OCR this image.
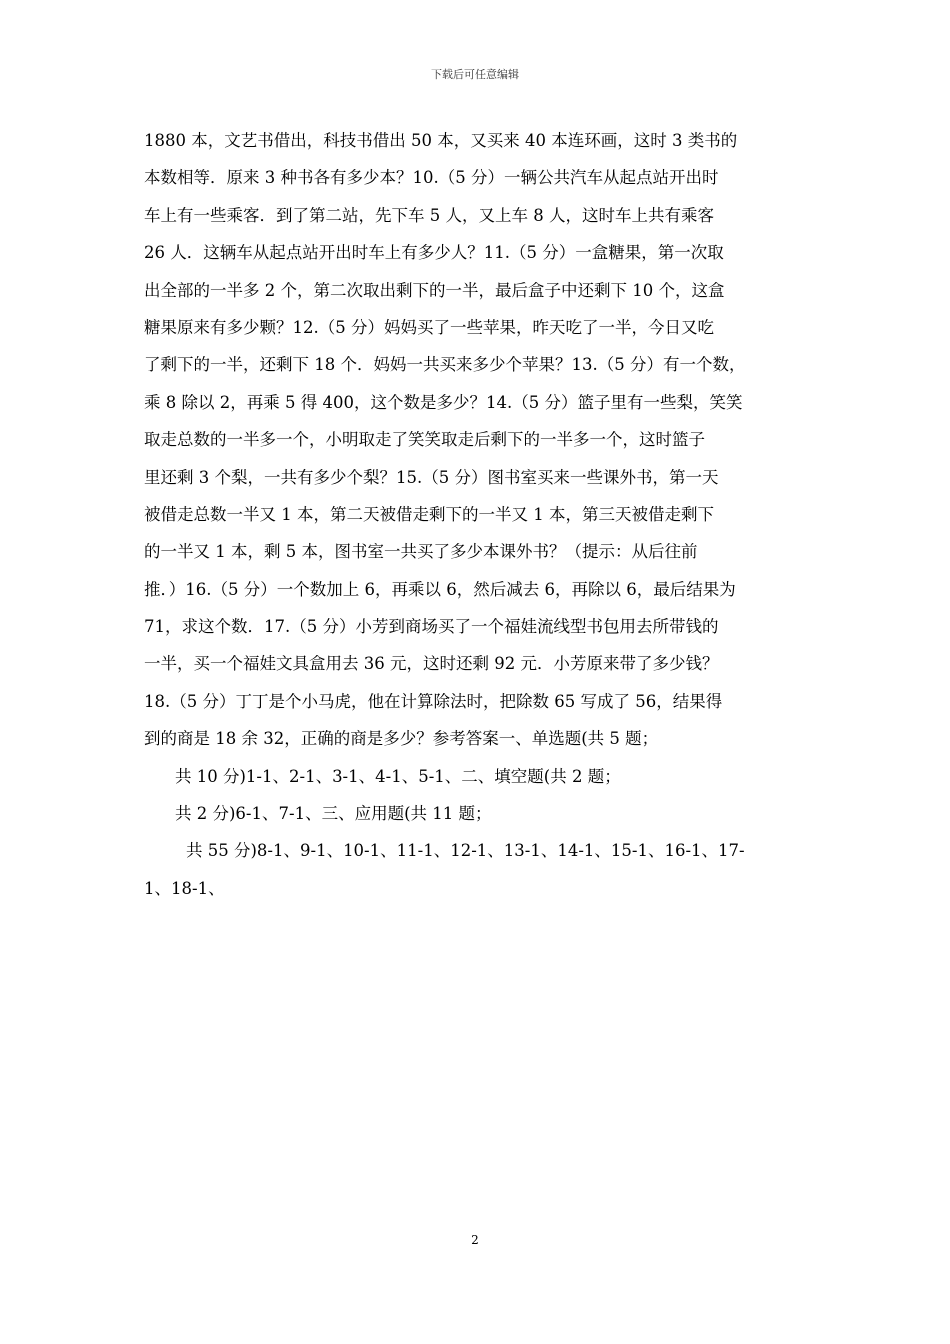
下载后可任意编辑
1880 本，文艺书借出，科技书借出 50 本，又买来 40 本连环画，这时 3 类书的
本数相等．原来 3 种书各有多少本？10.（5 分）一辆公共汽车从起点站开出时
车上有一些乘客．到了第二站，先下车 5 人，又上车 8 人，这时车上共有乘客
26 人．这辆车从起点站开出时车上有多少人？11.（5 分）一盒糖果，第一次取
出全部的一半多 2 个，第二次取出剩下的一半，最后盒子中还剩下 10 个，这盒
糖果原来有多少颗？12.（5 分）妈妈买了一些苹果，昨天吃了一半，今日又吃
了剩下的一半，还剩下 18 个．妈妈一共买来多少个苹果？13.（5 分）有一个数，
乘 8 除以 2，再乘 5 得 400，这个数是多少？14.（5 分）篮子里有一些梨，笑笑
取走总数的一半多一个，小明取走了笑笑取走后剩下的一半多一个，这时篮子
里还剩 3 个梨，一共有多少个梨？15.（5 分）图书室买来一些课外书，第一天
被借走总数一半又 1 本，第二天被借走剩下的一半又 1 本，第三天被借走剩下
的一半又 1 本，剩 5 本，图书室一共买了多少本课外书？（提示：从后往前
推．）16.（5 分）一个数加上 6，再乘以 6，然后减去 6，再除以 6，最后结果为
71，求这个数．17.（5 分）小芳到商场买了一个福娃流线型书包用去所带钱的
一半，买一个福娃文具盒用去 36 元，这时还剩 92 元．小芳原来带了多少钱？
18.（5 分）丁丁是个小马虎，他在计算除法时，把除数 65 写成了 56，结果得
到的商是 18 余 32，正确的商是多少？参考答案一、单选题(共 5 题；
共 10 分)1-1、2-1、3-1、4-1、5-1、二、填空题(共 2 题；
共 2 分)6-1、7-1、三、应用题(共 11 题；
共 55 分)8-1、9-1、10-1、11-1、12-1、13-1、14-1、15-1、16-1、17-
1、18-1、
2
